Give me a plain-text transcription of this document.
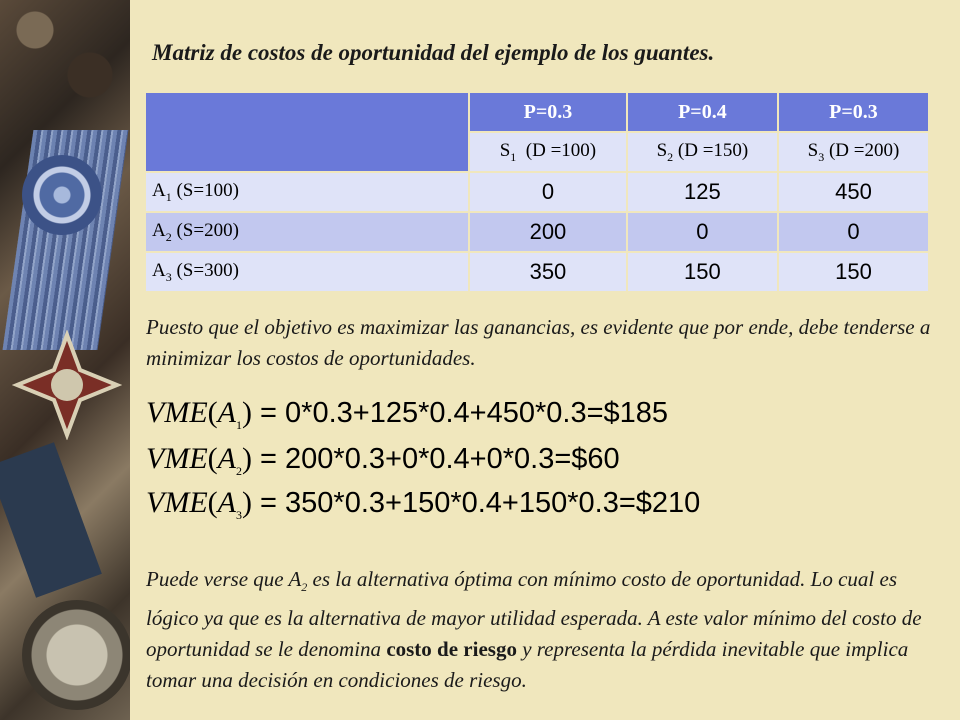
Matriz de costos de oportunidad del ejemplo de los guantes.
	P=0.3	P=0.4	P=0.3
	$S_1$  (D =100)	$S_2$ (D =150)	$S_3$ (D =200)
$A_1$ (S=100)	0	125	450
$A_2$ (S=200)	200	0	0
$A_3$ (S=300)	350	150	150

Puesto que el objetivo es maximizar las ganancias, es evidente que por ende, debe tenderse a minimizar los costos de oportunidades.

$VME(A_1)$ = 0*0.3+125*0.4+450*0.3=$185
$VME(A_2)$ = 200*0.3+0*0.4+0*0.3=$60
$VME(A_3)$ = 350*0.3+150*0.4+150*0.3=$210

Puede verse que $A_2$ es la alternativa óptima con mínimo costo de oportunidad. Lo cual es lógico ya que es la alternativa de mayor utilidad esperada. A este valor mínimo del costo de oportunidad se le denomina costo de riesgo y representa la pérdida inevitable que implica tomar una decisión en condiciones de riesgo.
